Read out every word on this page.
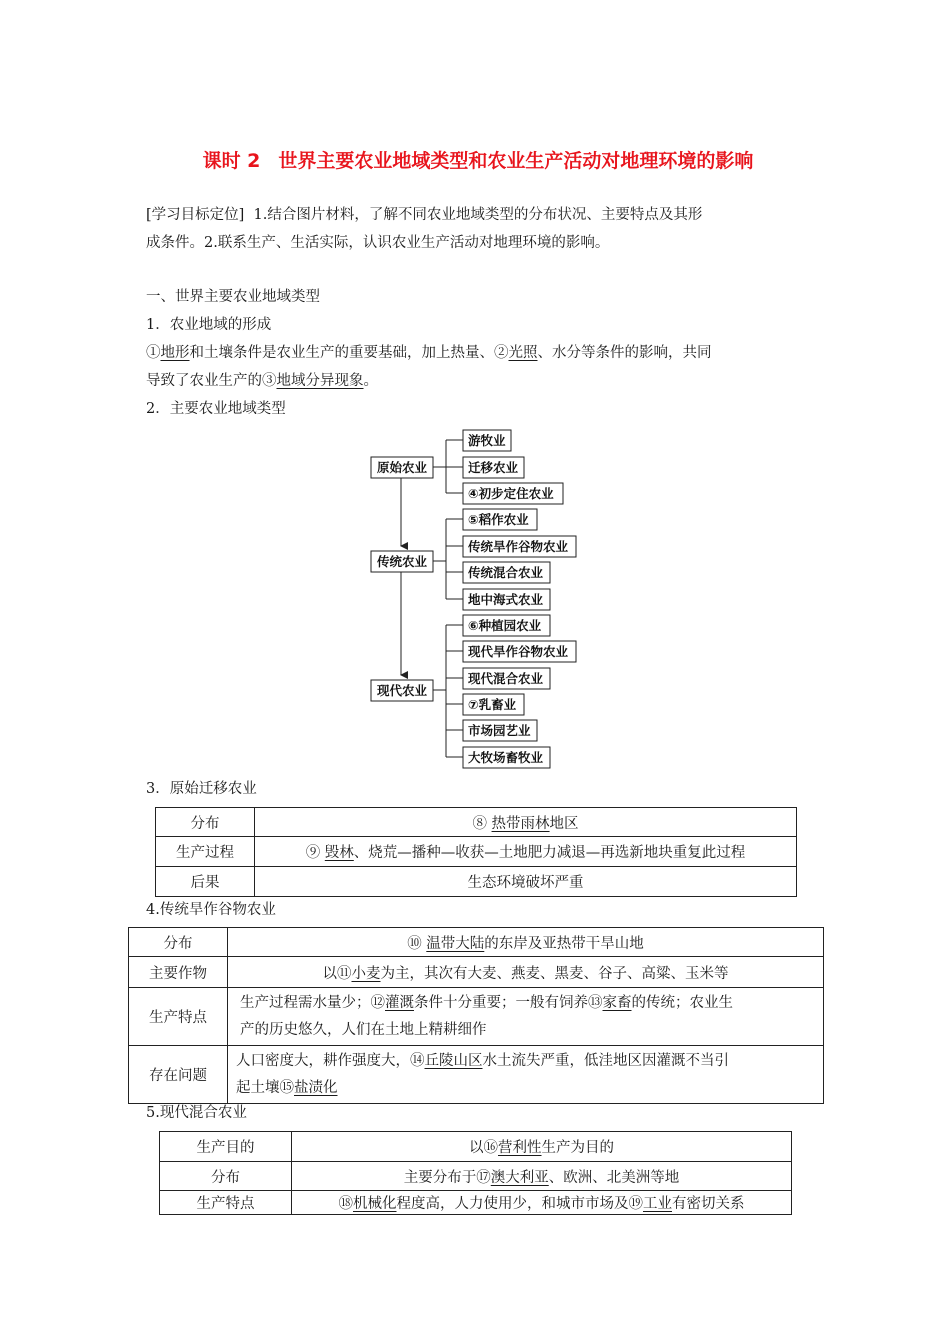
课时 2 世界主要农业地域类型和农业生产活动对地理环境的影响
[学习目标定位] 1.结合图片材料，了解不同农业地域类型的分布状况、主要特点及其形
成条件。2.联系生产、生活实际，认识农业生产活动对地理环境的影响。
一、世界主要农业地域类型
1．农业地域的形成
①地形和土壤条件是农业生产的重要基础，加上热量、②光照、水分等条件的影响，共同
导致了农业生产的③地域分异现象。
2．主要农业地域类型
原始农业
传统农业
现代农业
游牧业
迁移农业
④初步定住农业
⑤稻作农业
传统旱作谷物农业
传统混合农业
地中海式农业
⑥种植园农业
现代旱作谷物农业
现代混合农业
⑦乳畜业
市场园艺业
大牧场畜牧业
3．原始迁移农业
分布	⑧ 热带雨林地区
生产过程	⑨ 毁林、烧荒—播种—收获—土地肥力减退—再选新地块重复此过程
后果	生态环境破坏严重
4.传统旱作谷物农业
分布	⑩ 温带大陆的东岸及亚热带干旱山地
主要作物	以⑪小麦为主，其次有大麦、燕麦、黑麦、谷子、高粱、玉米等
生产特点	生产过程需水量少；⑫灌溉条件十分重要；一般有饲养⑬家畜的传统；农业生
产的历史悠久，人们在土地上精耕细作
存在问题	人口密度大，耕作强度大，⑭丘陵山区水土流失严重，低洼地区因灌溉不当引
起土壤⑮盐渍化
5.现代混合农业
生产目的	以⑯营利性生产为目的
分布	主要分布于⑰澳大利亚、欧洲、北美洲等地
生产特点	⑱机械化程度高，人力使用少，和城市市场及⑲工业有密切关系
